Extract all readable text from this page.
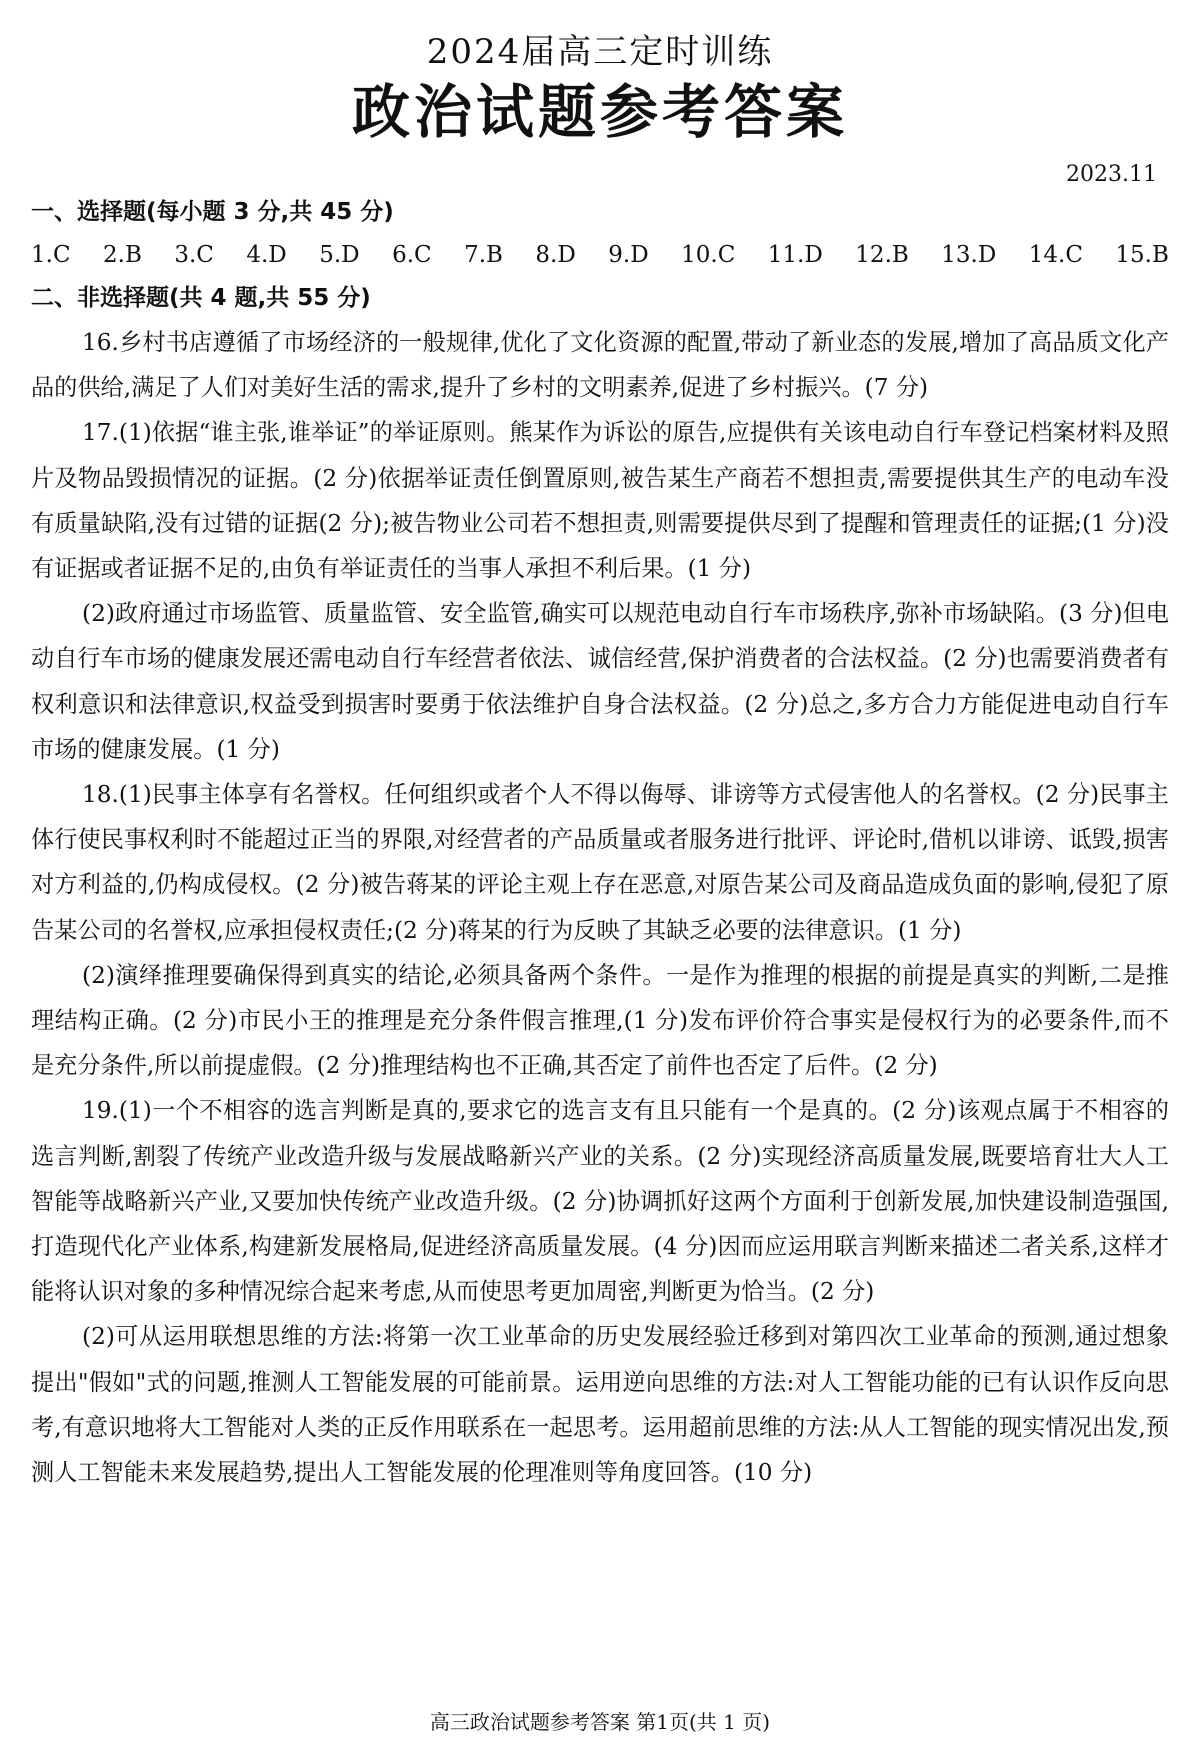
2024届高三定时训练
政治试题参考答案
2023.11
一、选择题(每小题 3 分,共 45 分)
1.C 2.B 3.C 4.D 5.D 6.C 7.B 8.D 9.D 10.C 11.D 12.B 13.D 14.C 15.B
二、非选择题(共 4 题,共 55 分)

16.乡村书店遵循了市场经济的一般规律,优化了文化资源的配置,带动了新业态的发展,增加了高品质文化产品的供给,满足了人们对美好生活的需求,提升了乡村的文明素养,促进了乡村振兴。(7 分)

17.(1)依据“谁主张,谁举证”的举证原则。熊某作为诉讼的原告,应提供有关该电动自行车登记档案材料及照片及物品毁损情况的证据。(2 分)依据举证责任倒置原则,被告某生产商若不想担责,需要提供其生产的电动车没有质量缺陷,没有过错的证据(2 分);被告物业公司若不想担责,则需要提供尽到了提醒和管理责任的证据;(1 分)没有证据或者证据不足的,由负有举证责任的当事人承担不利后果。(1 分)

(2)政府通过市场监管、质量监管、安全监管,确实可以规范电动自行车市场秩序,弥补市场缺陷。(3 分)但电动自行车市场的健康发展还需电动自行车经营者依法、诚信经营,保护消费者的合法权益。(2 分)也需要消费者有权利意识和法律意识,权益受到损害时要勇于依法维护自身合法权益。(2 分)总之,多方合力方能促进电动自行车市场的健康发展。(1 分)

18.(1)民事主体享有名誉权。任何组织或者个人不得以侮辱、诽谤等方式侵害他人的名誉权。(2 分)民事主体行使民事权利时不能超过正当的界限,对经营者的产品质量或者服务进行批评、评论时,借机以诽谤、诋毁,损害对方利益的,仍构成侵权。(2 分)被告蒋某的评论主观上存在恶意,对原告某公司及商品造成负面的影响,侵犯了原告某公司的名誉权,应承担侵权责任;(2 分)蒋某的行为反映了其缺乏必要的法律意识。(1 分)

(2)演绎推理要确保得到真实的结论,必须具备两个条件。一是作为推理的根据的前提是真实的判断,二是推理结构正确。(2 分)市民小王的推理是充分条件假言推理,(1 分)发布评价符合事实是侵权行为的必要条件,而不是充分条件,所以前提虚假。(2 分)推理结构也不正确,其否定了前件也否定了后件。(2 分)

19.(1)一个不相容的选言判断是真的,要求它的选言支有且只能有一个是真的。(2 分)该观点属于不相容的选言判断,割裂了传统产业改造升级与发展战略新兴产业的关系。(2 分)实现经济高质量发展,既要培育壮大人工智能等战略新兴产业,又要加快传统产业改造升级。(2 分)协调抓好这两个方面利于创新发展,加快建设制造强国,打造现代化产业体系,构建新发展格局,促进经济高质量发展。(4 分)因而应运用联言判断来描述二者关系,这样才能将认识对象的多种情况综合起来考虑,从而使思考更加周密,判断更为恰当。(2 分)

(2)可从运用联想思维的方法:将第一次工业革命的历史发展经验迁移到对第四次工业革命的预测,通过想象提出"假如"式的问题,推测人工智能发展的可能前景。运用逆向思维的方法:对人工智能功能的已有认识作反向思考,有意识地将大工智能对人类的正反作用联系在一起思考。运用超前思维的方法:从人工智能的现实情况出发,预测人工智能未来发展趋势,提出人工智能发展的伦理准则等角度回答。(10 分)

高三政治试题参考答案 第1页(共 1 页)
